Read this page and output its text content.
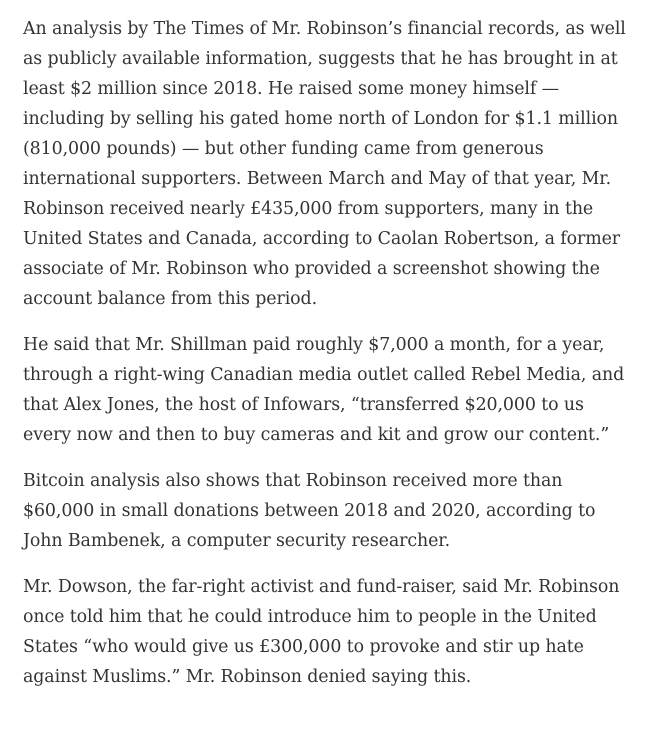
An analysis by The Times of Mr. Robinson’s financial records, as well as publicly available information, suggests that he has brought in at least $2 million since 2018. He raised some money himself — including by selling his gated home north of London for $1.1 million (810,000 pounds) — but other funding came from generous international supporters. Between March and May of that year, Mr. Robinson received nearly £435,000 from supporters, many in the United States and Canada, according to Caolan Robertson, a former associate of Mr. Robinson who provided a screenshot showing the account balance from this period.

He said that Mr. Shillman paid roughly $7,000 a month, for a year, through a right-wing Canadian media outlet called Rebel Media, and that Alex Jones, the host of Infowars, “transferred $20,000 to us every now and then to buy cameras and kit and grow our content.”

Bitcoin analysis also shows that Robinson received more than $60,000 in small donations between 2018 and 2020, according to John Bambenek, a computer security researcher.

Mr. Dowson, the far-right activist and fund-raiser, said Mr. Robinson once told him that he could introduce him to people in the United States “who would give us £300,000 to provoke and stir up hate against Muslims.” Mr. Robinson denied saying this.
